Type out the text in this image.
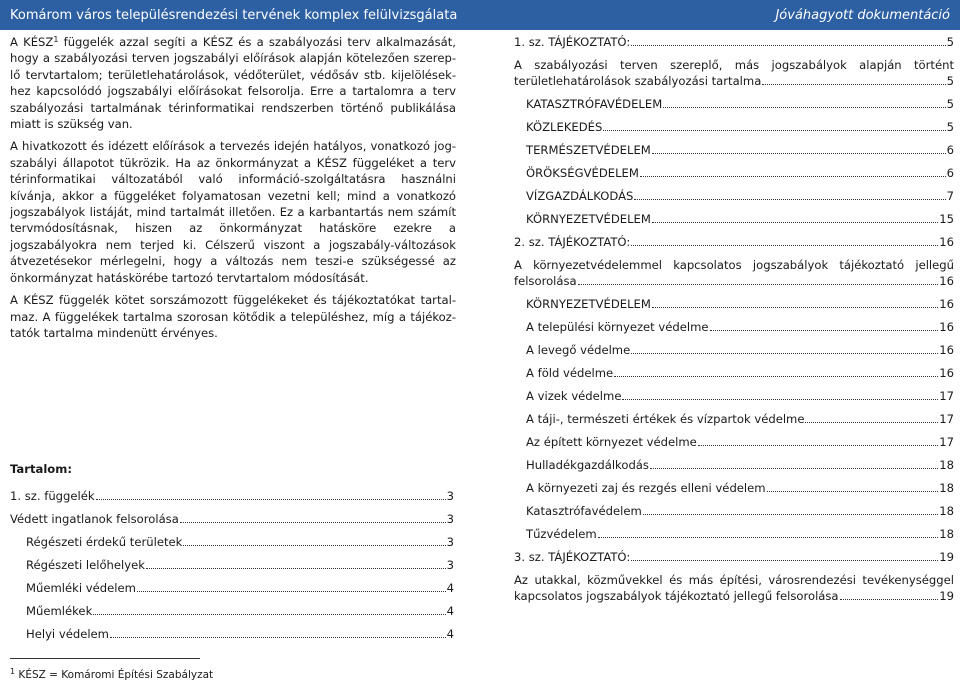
Komárom város településrendezési tervének komplex felülvizsgálata	Jóváhagyott dokumentáció

A KÉSZ$^1$ függelék azzal segíti a KÉSZ és a szabályozási terv alkalmazását, hogy a szabályozási terven jogszabályi előírások alapján kötelezően szereplő tervtartalom; területlehatárolások, védőterület, védősáv stb. kijelölésekhez kapcsolódó jogszabályi előírásokat felsorolja. Erre a tartalomra a terv szabályozási tartalmának térinformatikai rendszerben történő publikálása miatt is szükség van.

A hivatkozott és idézett előírások a tervezés idején hatályos, vonatkozó jogszabályi állapotot tükrözik. Ha az önkormányzat a KÉSZ függeléket a terv térinformatikai változatából való információ-szolgáltatásra használni kívánja, akkor a függeléket folyamatosan vezetni kell; mind a vonatkozó jogszabályok listáját, mind tartalmát illetően. Ez a karbantartás nem számít tervmódosításnak, hiszen az önkormányzat hatásköre ezekre a jogszabályokra nem terjed ki. Célszerű viszont a jogszabály-változások átvezetésekor mérlegelni, hogy a változás nem teszi-e szükségessé az önkormányzat hatáskörébe tartozó tervtartalom módosítását.

A KÉSZ függelék kötet sorszámozott függelékeket és tájékoztatókat tartalmaz. A függelékek tartalma szorosan kötődik a településhez, míg a tájékoztatók tartalma mindenütt érvényes.

Tartalom:
1. sz. függelék	3
Védett ingatlanok felsorolása	3
Régészeti érdekű területek	3
Régészeti lelőhelyek	3
Műemléki védelem	4
Műemlékek	4
Helyi védelem	4
1. sz. TÁJÉKOZTATÓ:	5
A szabályozási terven szereplő, más jogszabályok alapján történt
területlehatárolások szabályozási tartalma	5
KATASZTRÓFAVÉDELEM	5
KÖZLEKEDÉS	5
TERMÉSZETVÉDELEM	6
ÖRÖKSÉGVÉDELEM	6
VÍZGAZDÁLKODÁS	7
KÖRNYEZETVÉDELEM	15
2. sz. TÁJÉKOZTATÓ:	16
A környezetvédelemmel kapcsolatos jogszabályok tájékoztató jellegű
felsorolása	16
KÖRNYEZETVÉDELEM	16
A települési környezet védelme	16
A levegő védelme	16
A föld védelme	16
A vizek védelme	17
A táji-, természeti értékek és vízpartok védelme	17
Az épített környezet védelme	17
Hulladékgazdálkodás	18
A környezeti zaj és rezgés elleni védelem	18
Katasztrófavédelem	18
Tűzvédelem	18
3. sz. TÁJÉKOZTATÓ:	19
Az utakkal, közművekkel és más építési, városrendezési tevékenységgel
kapcsolatos jogszabályok tájékoztató jellegű felsorolása	19
$^1$ KÉSZ = Komáromi Építési Szabályzat
